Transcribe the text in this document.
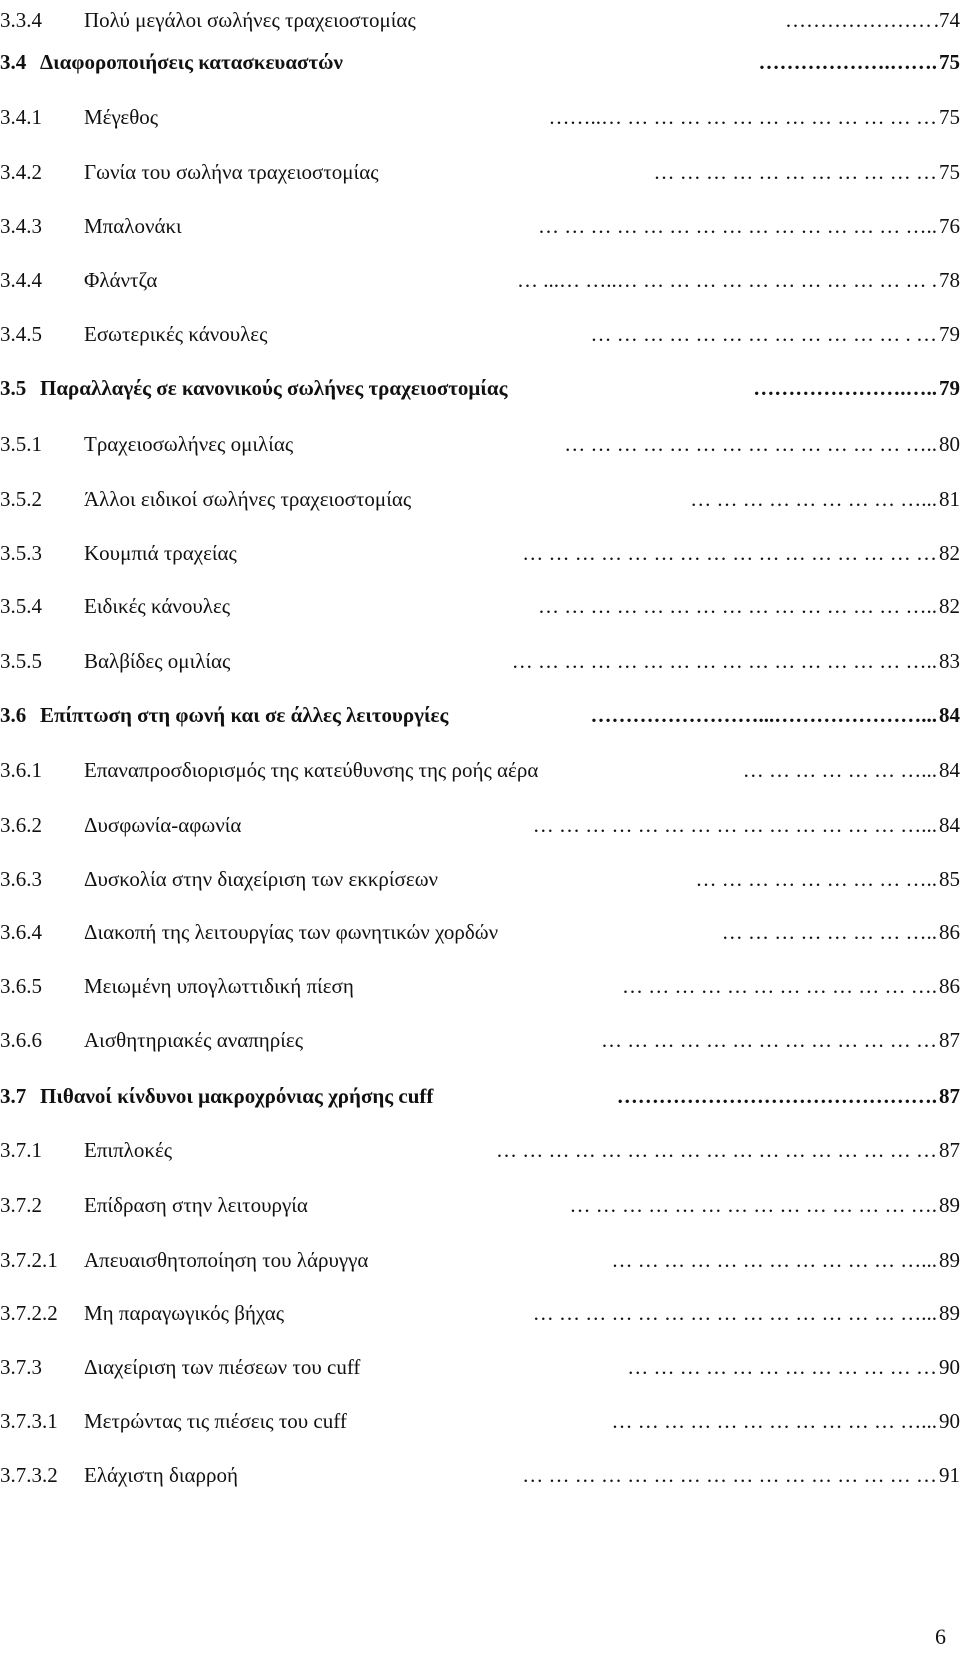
3.3.4 Πολύ μεγάλοι σωλήνες τραχειοστομίας	………………… .74
3.4 Διαφοροποιήσεις κατασκευαστών	……………….……. 75
3.4.1 Μέγεθος	……..… … … … … … … … … … … … … 75
3.4.2 Γωνία του σωλήνα τραχειοστομίας	… … … … … … … … … … … 75
3.4.3 Μπαλονάκι	… … … … … … … … … … … … … … ….. 76
3.4.4 Φλάντζα	… ...… …..… … … … … … … … … … … … . 78
3.4.5 Εσωτερικές κάνουλες	… … … … … … … … … … … … . … 79
3.5 Παραλλαγές σε κανονικούς σωλήνες τραχειοστομίας	………………….….. 79
3.5.1 Τραχειοσωλήνες ομιλίας	… … … … … … … … … … … … … ….. 80
3.5.2 Άλλοι ειδικοί σωλήνες τραχειοστομίας	… … … … … … … … …... 81
3.5.3 Κουμπιά τραχείας	… … … … … … … … … … … … … … … … 82
3.5.4 Ειδικές κάνουλες	… … … … … … … … … … … … … … ….. 82
3.5.5 Βαλβίδες ομιλίας	… … … … … … … … … … … … … … … ….. 83
3.6 Επίπτωση στη φωνή και σε άλλες λειτουργίες	……………………...…………………... 84
3.6.1 Επαναπροσδιορισμός της κατεύθυνσης της ροής αέρα	… … … … … … …... 84
3.6.2 Δυσφωνία-αφωνία	… … … … … … … … … … … … … … …... 84
3.6.3 Δυσκολία στην διαχείριση των εκκρίσεων	… … … … … … … … ….. 85
3.6.4 Διακοπή της λειτουργίας των φωνητικών χορδών	… … … … … … … ….. 86
3.6.5 Μειωμένη υπογλωττιδική πίεση	… … … … … … … … … … … …. 86
3.6.6 Αισθητηριακές αναπηρίες	… … … … … … … … … … … … … 87
3.7 Πιθανοί κίνδυνοι μακροχρόνιας χρήσης cuff	………………………………………. 87
3.7.1 Επιπλοκές	… … … … … … … … … … … … … … … … … 87
3.7.2 Επίδραση στην λειτουργία	… … … … … … … … … … … … … …. 89
3.7.2.1 Απευαισθητοποίηση του λάρυγγα	… … … … … … … … … … … …... 89
3.7.2.2 Μη παραγωγικός βήχας	… … … … … … … … … … … … … … …... 89
3.7.3 Διαχείριση των πιέσεων του cuff	… … … … … … … … … … … … 90
3.7.3.1 Μετρώντας τις πιέσεις του cuff	… … … … … … … … … … … …... 90
3.7.3.2 Ελάχιστη διαρροή	… … … … … … … … … … … … … … … … 91
6
